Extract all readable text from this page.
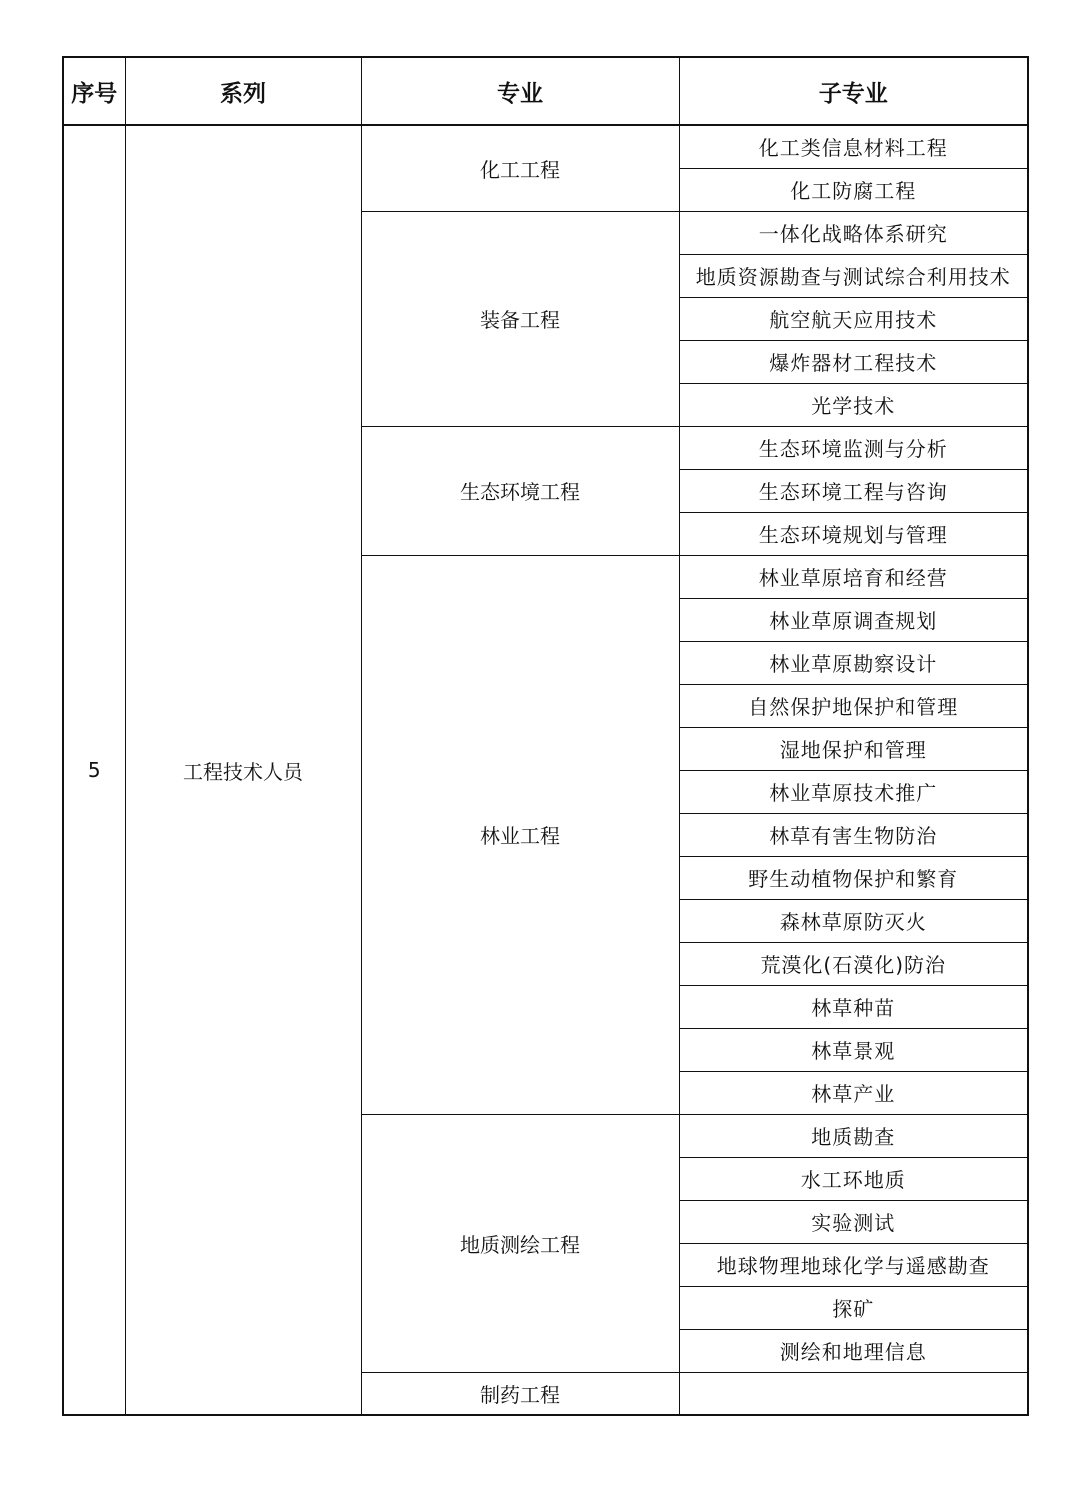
序号	系列	专业	子专业
5	工程技术人员	化工工程	化工类信息材料工程
			化工防腐工程
		装备工程	一体化战略体系研究
			地质资源勘查与测试综合利用技术
			航空航天应用技术
			爆炸器材工程技术
			光学技术
		生态环境工程	生态环境监测与分析
			生态环境工程与咨询
			生态环境规划与管理
		林业工程	林业草原培育和经营
			林业草原调查规划
			林业草原勘察设计
			自然保护地保护和管理
			湿地保护和管理
			林业草原技术推广
			林草有害生物防治
			野生动植物保护和繁育
			森林草原防灭火
			荒漠化(石漠化)防治
			林草种苗
			林草景观
			林草产业
		地质测绘工程	地质勘查
			水工环地质
			实验测试
			地球物理地球化学与遥感勘查
			探矿
			测绘和地理信息
		制药工程	
